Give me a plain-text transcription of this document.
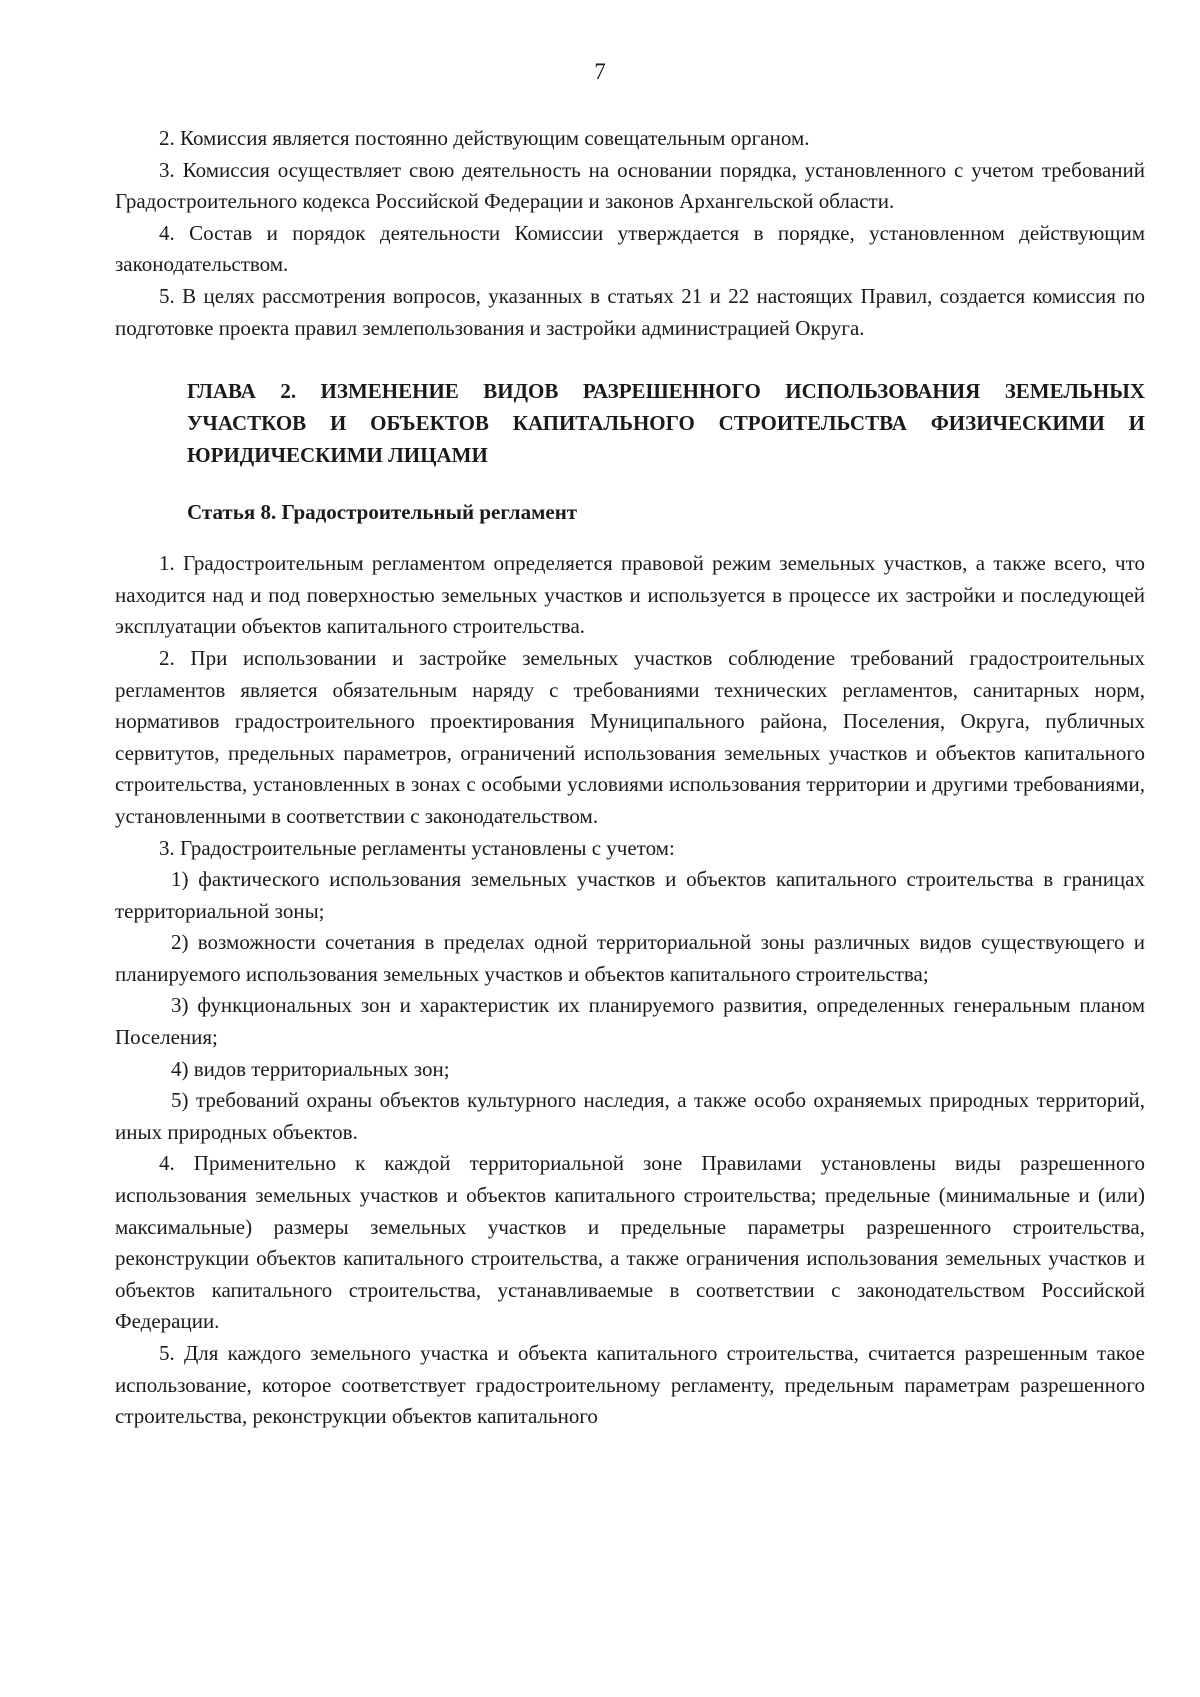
7

2. Комиссия является постоянно действующим совещательным органом.

3. Комиссия осуществляет свою деятельность на основании порядка, установленного с учетом требований Градостроительного кодекса Российской Федерации и законов Архангельской области.

4. Состав и порядок деятельности Комиссии утверждается в порядке, установленном действующим законодательством.

5. В целях рассмотрения вопросов, указанных в статьях 21 и 22 настоящих Правил, создается комиссия по подготовке проекта правил землепользования и застройки администрацией Округа.

ГЛАВА 2. ИЗМЕНЕНИЕ ВИДОВ РАЗРЕШЕННОГО ИСПОЛЬЗОВАНИЯ ЗЕМЕЛЬНЫХ УЧАСТКОВ И ОБЪЕКТОВ КАПИТАЛЬНОГО СТРОИТЕЛЬСТВА ФИЗИЧЕСКИМИ И ЮРИДИЧЕСКИМИ ЛИЦАМИ
Статья 8. Градостроительный регламент

1. Градостроительным регламентом определяется правовой режим земельных участков, а также всего, что находится над и под поверхностью земельных участков и используется в процессе их застройки и последующей эксплуатации объектов капитального строительства.

2. При использовании и застройке земельных участков соблюдение требований градостроительных регламентов является обязательным наряду с требованиями технических регламентов, санитарных норм, нормативов градостроительного проектирования Муниципального района, Поселения, Округа, публичных сервитутов, предельных параметров, ограничений использования земельных участков и объектов капитального строительства, установленных в зонах с особыми условиями использования территории и другими требованиями, установленными в соответствии с законодательством.

3. Градостроительные регламенты установлены с учетом:

1) фактического использования земельных участков и объектов капитального строительства в границах территориальной зоны;

2) возможности сочетания в пределах одной территориальной зоны различных видов существующего и планируемого использования земельных участков и объектов капитального строительства;

3) функциональных зон и характеристик их планируемого развития, определенных генеральным планом Поселения;

4) видов территориальных зон;

5) требований охраны объектов культурного наследия, а также особо охраняемых природных территорий, иных природных объектов.

4. Применительно к каждой территориальной зоне Правилами установлены виды разрешенного использования земельных участков и объектов капитального строительства; предельные (минимальные и (или) максимальные) размеры земельных участков и предельные параметры разрешенного строительства, реконструкции объектов капитального строительства, а также ограничения использования земельных участков и объектов капитального строительства, устанавливаемые в соответствии с законодательством Российской Федерации.

5. Для каждого земельного участка и объекта капитального строительства, считается разрешенным такое использование, которое соответствует градостроительному регламенту, предельным параметрам разрешенного строительства, реконструкции объектов капитального
